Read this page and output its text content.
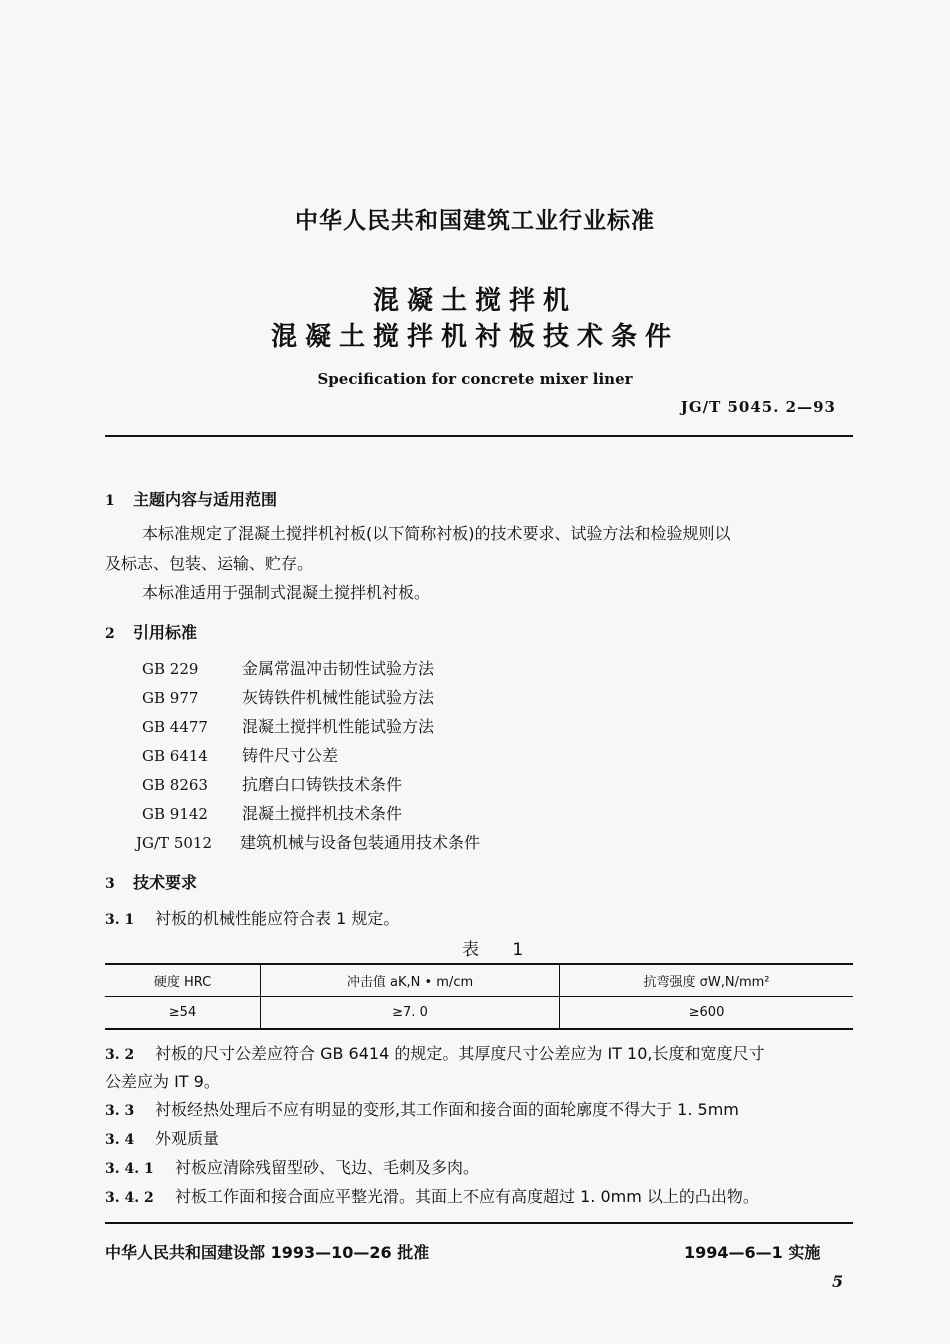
中华人民共和国建筑工业行业标准
混凝土搅拌机
混凝土搅拌机衬板技术条件
Specification for concrete mixer liner
JG/T 5045. 2—93
1 主题内容与适用范围
本标准规定了混凝土搅拌机衬板(以下简称衬板)的技术要求、试验方法和检验规则以
及标志、包装、运输、贮存。
本标准适用于强制式混凝土搅拌机衬板。
2 引用标准
GB 229	金属常温冲击韧性试验方法
GB 977	灰铸铁件机械性能试验方法
GB 4477 混凝土搅拌机性能试验方法
GB 6414 铸件尺寸公差
GB 8263 抗磨白口铸铁技术条件
GB 9142 混凝土搅拌机技术条件
JG/T 5012 建筑机械与设备包装通用技术条件
3 技术要求
3. 1 衬板的机械性能应符合表 1 规定。
表 1
硬度 HRC	冲击值 aK,N • m/cm	抗弯强度 σW,N/mm²
≥54	≥7. 0	≥600
3. 2 衬板的尺寸公差应符合 GB 6414 的规定。其厚度尺寸公差应为 IT 10,长度和宽度尺寸
公差应为 IT 9。
3. 3 衬板经热处理后不应有明显的变形,其工作面和接合面的面轮廓度不得大于 1. 5mm
3. 4 外观质量
3. 4. 1 衬板应清除残留型砂、飞边、毛刺及多肉。
3. 4. 2 衬板工作面和接合面应平整光滑。其面上不应有高度超过 1. 0mm 以上的凸出物。
中华人民共和国建设部 1993—10—26 批准	1994—6—1 实施
5
